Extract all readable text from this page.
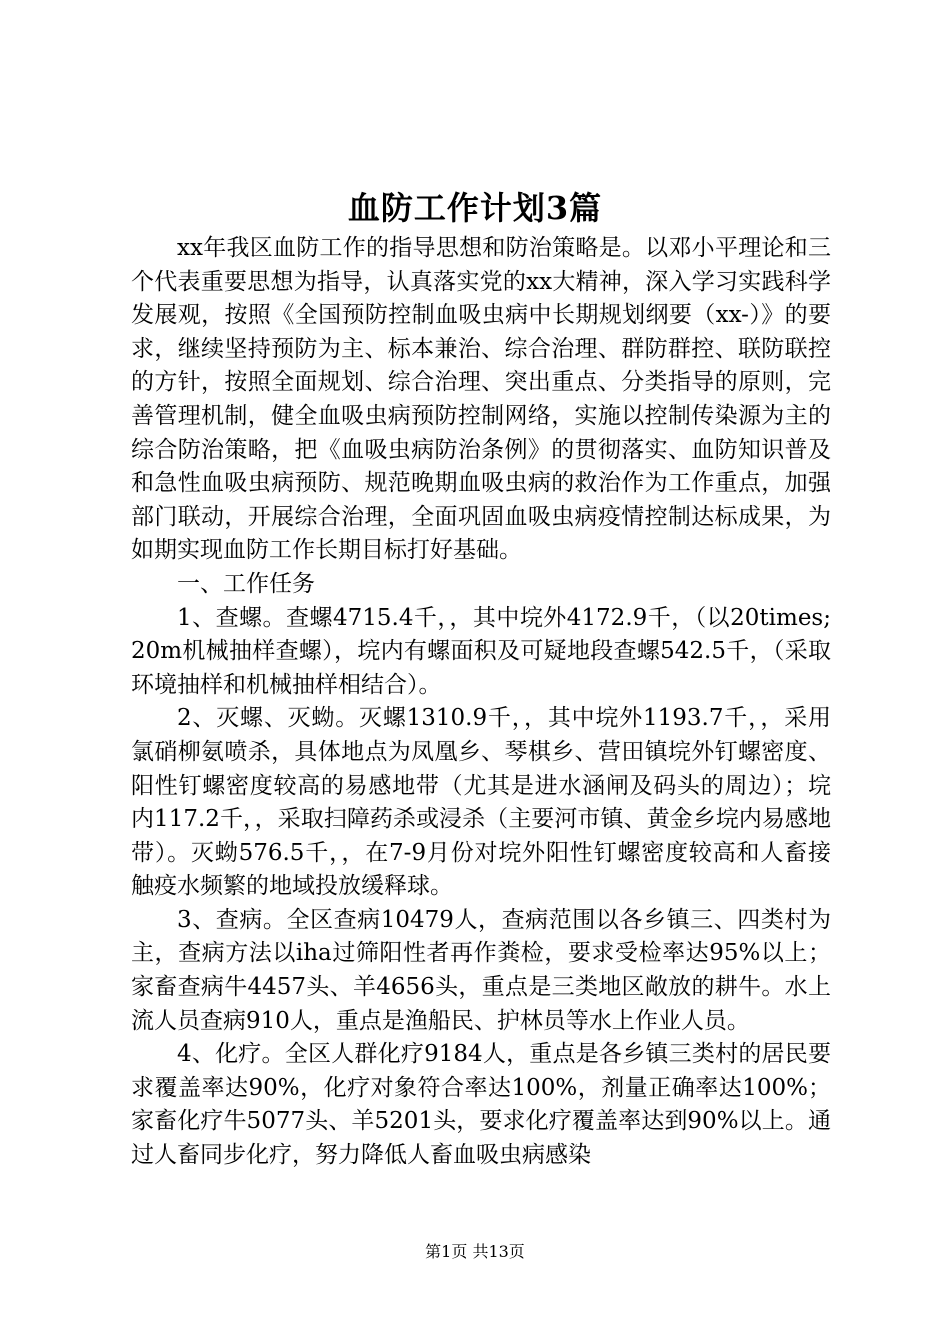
血防工作计划3篇

xx年我区血防工作的指导思想和防治策略是。以邓小平理论和三个代表重要思想为指导，认真落实党的xx大精神，深入学习实践科学发展观，按照《全国预防控制血吸虫病中长期规划纲要（xx-）》的要求，继续坚持预防为主、标本兼治、综合治理、群防群控、联防联控的方针，按照全面规划、综合治理、突出重点、分类指导的原则，完善管理机制，健全血吸虫病预防控制网络，实施以控制传染源为主的综合防治策略，把《血吸虫病防治条例》的贯彻落实、血防知识普及和急性血吸虫病预防、规范晚期血吸虫病的救治作为工作重点，加强部门联动，开展综合治理，全面巩固血吸虫病疫情控制达标成果，为如期实现血防工作长期目标打好基础。

一、工作任务

1、查螺。查螺4715.4千，，其中垸外4172.9千，（以20times;20m机械抽样查螺），垸内有螺面积及可疑地段查螺542.5千，（采取环境抽样和机械抽样相结合）。

2、灭螺、灭蚴。灭螺1310.9千，，其中垸外1193.7千，，采用氯硝柳氨喷杀，具体地点为凤凰乡、琴棋乡、营田镇垸外钉螺密度、阳性钉螺密度较高的易感地带（尤其是进水涵闸及码头的周边）；垸内117.2千，，采取扫障药杀或浸杀（主要河市镇、黄金乡垸内易感地带）。灭蚴576.5千，，在7-9月份对垸外阳性钉螺密度较高和人畜接触疫水频繁的地域投放缓释球。

3、查病。全区查病10479人，查病范围以各乡镇三、四类村为主，查病方法以iha过筛阳性者再作粪检，要求受检率达95%以上；家畜查病牛4457头、羊4656头，重点是三类地区敞放的耕牛。水上流人员查病910人，重点是渔船民、护林员等水上作业人员。

4、化疗。全区人群化疗9184人，重点是各乡镇三类村的居民要求覆盖率达90%，化疗对象符合率达100%，剂量正确率达100%；家畜化疗牛5077头、羊5201头，要求化疗覆盖率达到90%以上。通过人畜同步化疗，努力降低人畜血吸虫病感染

第1页 共13页
